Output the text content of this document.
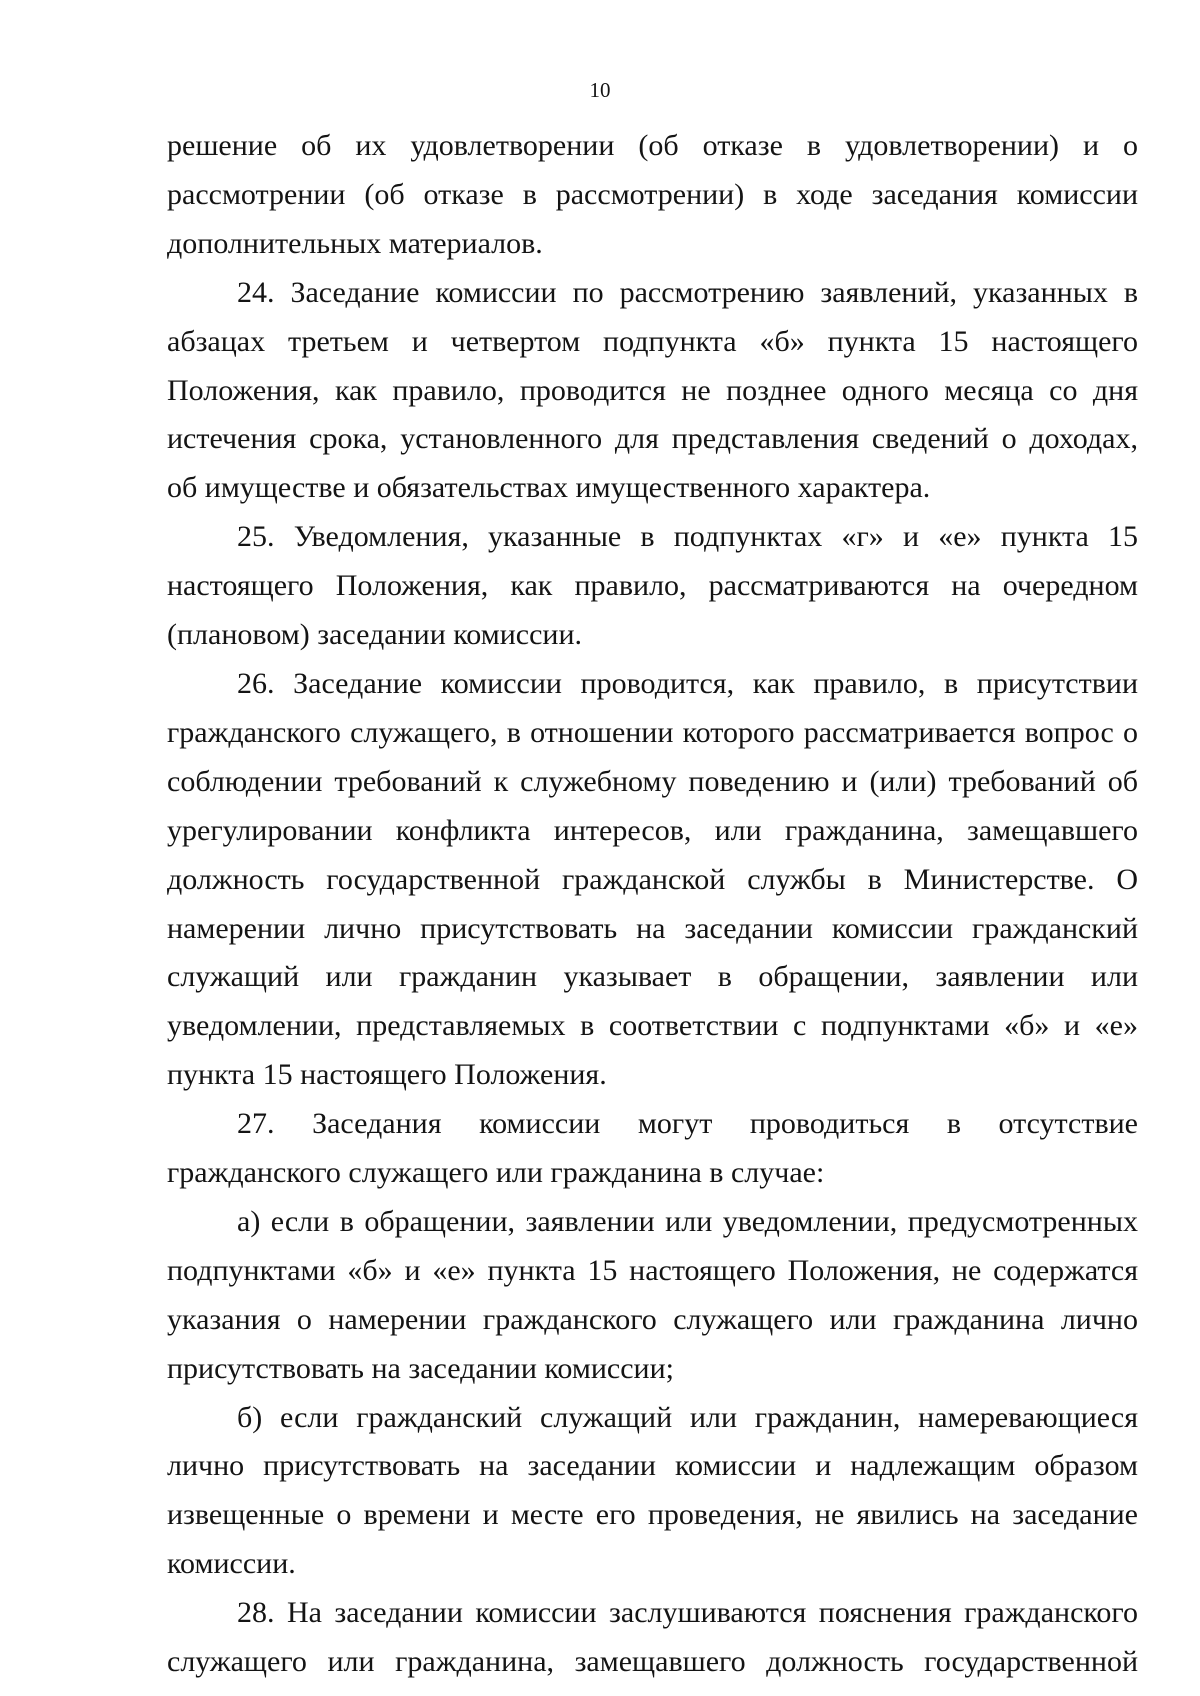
10

решение об их удовлетворении (об отказе в удовлетворении) и о рассмотрении (об отказе в рассмотрении) в ходе заседания комиссии дополнительных материалов.

24. Заседание комиссии по рассмотрению заявлений, указанных в абзацах третьем и четвертом подпункта «б» пункта 15 настоящего Положения, как правило, проводится не позднее одного месяца со дня истечения срока, установленного для представления сведений о доходах, об имуществе и обязательствах имущественного характера.

25. Уведомления, указанные в подпунктах «г» и «е» пункта 15 настоящего Положения, как правило, рассматриваются на очередном (плановом) заседании комиссии.

26. Заседание комиссии проводится, как правило, в присутствии гражданского служащего, в отношении которого рассматривается вопрос о соблюдении требований к служебному поведению и (или) требований об урегулировании конфликта интересов, или гражданина, замещавшего должность государственной гражданской службы в Министерстве. О намерении лично присутствовать на заседании комиссии гражданский служащий или гражданин указывает в обращении, заявлении или уведомлении, представляемых в соответствии с подпунктами «б» и «е» пункта 15 настоящего Положения.

27. Заседания комиссии могут проводиться в отсутствие гражданского служащего или гражданина в случае:

а) если в обращении, заявлении или уведомлении, предусмотренных подпунктами «б» и «е» пункта 15 настоящего Положения, не содержатся указания о намерении гражданского служащего или гражданина лично присутствовать на заседании комиссии;

б) если гражданский служащий или гражданин, намеревающиеся лично присутствовать на заседании комиссии и надлежащим образом извещенные о времени и месте его проведения, не явились на заседание комиссии.

28. На заседании комиссии заслушиваются пояснения гражданского служащего или гражданина, замещавшего должность государственной
